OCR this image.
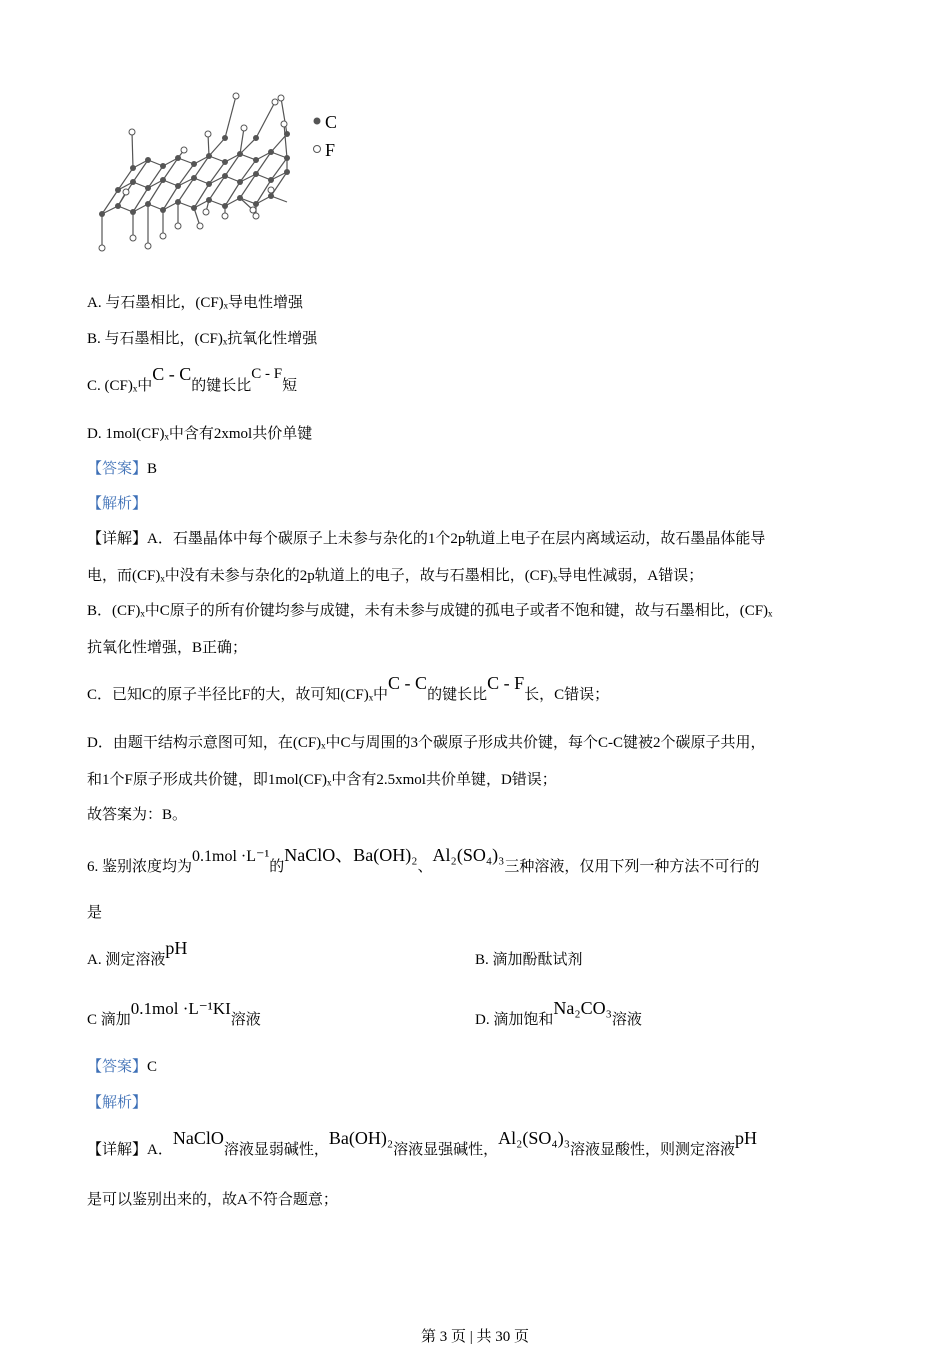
C
F
A. 与石墨相比，(CF)ₓ导电性增强
B. 与石墨相比，(CF)ₓ抗氧化性增强
C. (CF)ₓ中C - C的键长比C - F短
D. 1mol(CF)ₓ中含有2xmol共价单键
【答案】B
【解析】
【详解】A．石墨晶体中每个碳原子上未参与杂化的1个2p轨道上电子在层内离域运动，故石墨晶体能导
电，而(CF)ₓ中没有未参与杂化的2p轨道上的电子，故与石墨相比，(CF)ₓ导电性减弱，A错误；
B．(CF)ₓ中C原子的所有价键均参与成键，未有未参与成键的孤电子或者不饱和键，故与石墨相比，(CF)ₓ
抗氧化性增强，B正确；
C．已知C的原子半径比F的大，故可知(CF)ₓ中C - C的键长比C - F长，C错误；
D．由题干结构示意图可知，在(CF)ₓ中C与周围的3个碳原子形成共价键，每个C-C键被2个碳原子共用，
和1个F原子形成共价键，即1mol(CF)ₓ中含有2.5xmol共价单键，D错误；
故答案为：B。
6. 鉴别浓度均为0.1mol ·L⁻¹的NaClO、Ba(OH)₂、Al₂(SO₄)₃三种溶液，仅用下列一种方法不可行的
是
A. 测定溶液pH
B. 滴加酚酞试剂
C 滴加0.1mol ·L⁻¹KI溶液	D. 滴加饱和Na₂CO₃溶液
【答案】C
【解析】
【详解】A．NaClO溶液显弱碱性，Ba(OH)₂溶液显强碱性，Al₂(SO₄)₃溶液显酸性，则测定溶液pH
是可以鉴别出来的，故A不符合题意；
第 3 页 | 共 30 页
